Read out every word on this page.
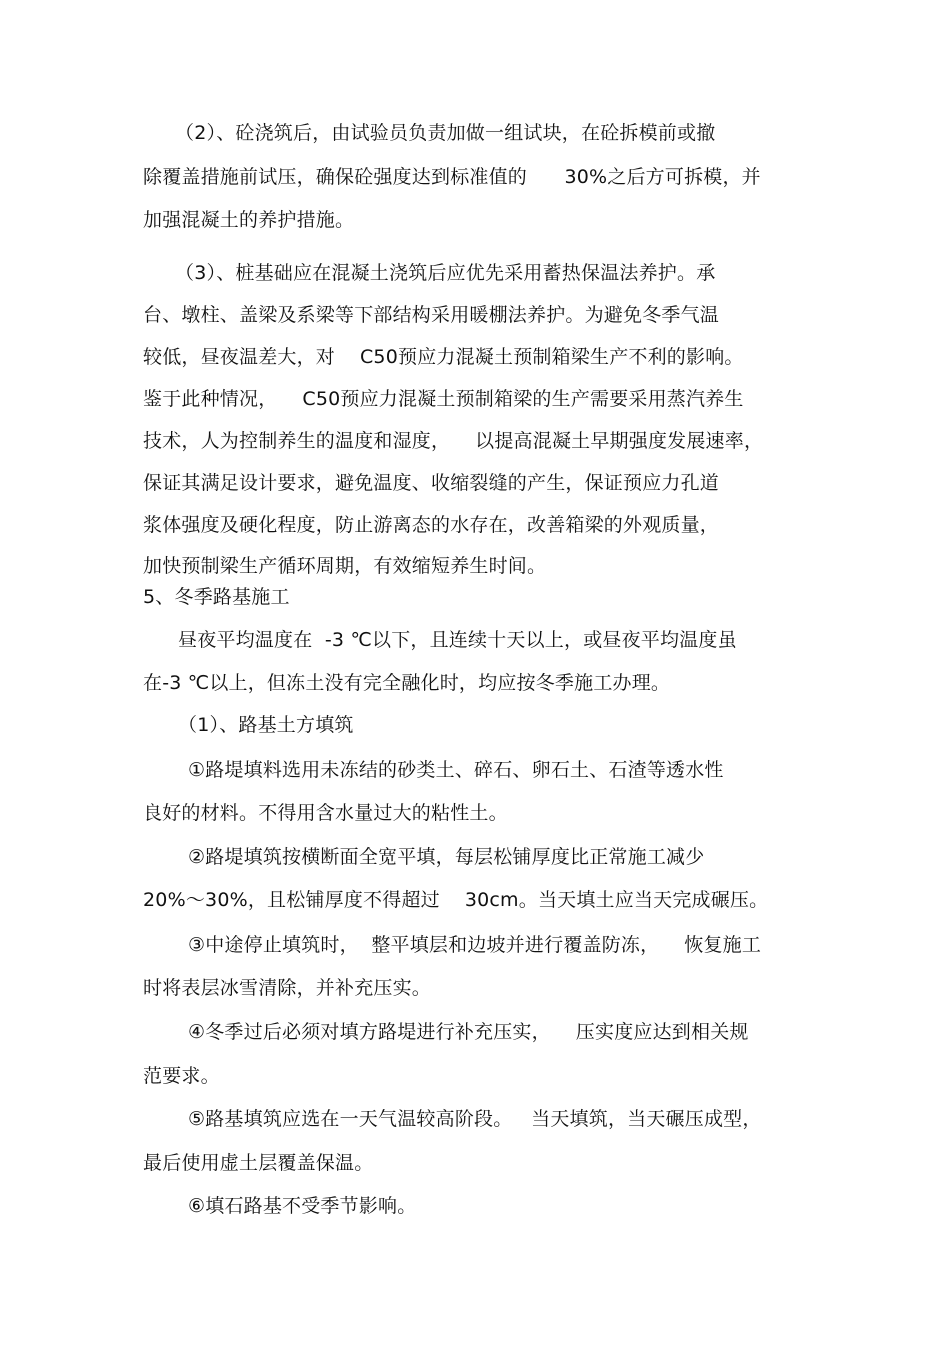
（2）、砼浇筑后，由试验员负责加做一组试块，在砼拆模前或撤
除覆盖措施前试压，确保砼强度达到标准值的      30%之后方可拆模，并
加强混凝土的养护措施。
（3）、桩基础应在混凝土浇筑后应优先采用蓄热保温法养护。承
台、墩柱、盖梁及系梁等下部结构采用暖棚法养护。为避免冬季气温
较低，昼夜温差大，对    C50预应力混凝土预制箱梁生产不利的影响。
鉴于此种情况，    C50预应力混凝土预制箱梁的生产需要采用蒸汽养生
技术，人为控制养生的温度和湿度，    以提高混凝土早期强度发展速率，
保证其满足设计要求，避免温度、收缩裂缝的产生，保证预应力孔道
浆体强度及硬化程度，防止游离态的水存在，改善箱梁的外观质量，
加快预制梁生产循环周期，有效缩短养生时间。
5、冬季路基施工
昼夜平均温度在  -3 ℃以下，且连续十天以上，或昼夜平均温度虽
在-3 ℃以上，但冻土没有完全融化时，均应按冬季施工办理。
（1）、路基土方填筑
①路堤填料选用未冻结的砂类土、碎石、卵石土、石渣等透水性
良好的材料。不得用含水量过大的粘性土。
②路堤填筑按横断面全宽平填，每层松铺厚度比正常施工减少
20%～30%，且松铺厚度不得超过    30cm。当天填土应当天完成碾压。
③中途停止填筑时，  整平填层和边坡并进行覆盖防冻，    恢复施工
时将表层冰雪清除，并补充压实。
④冬季过后必须对填方路堤进行补充压实，    压实度应达到相关规
范要求。
⑤路基填筑应选在一天气温较高阶段。   当天填筑，当天碾压成型，
最后使用虚土层覆盖保温。
⑥填石路基不受季节影响。
